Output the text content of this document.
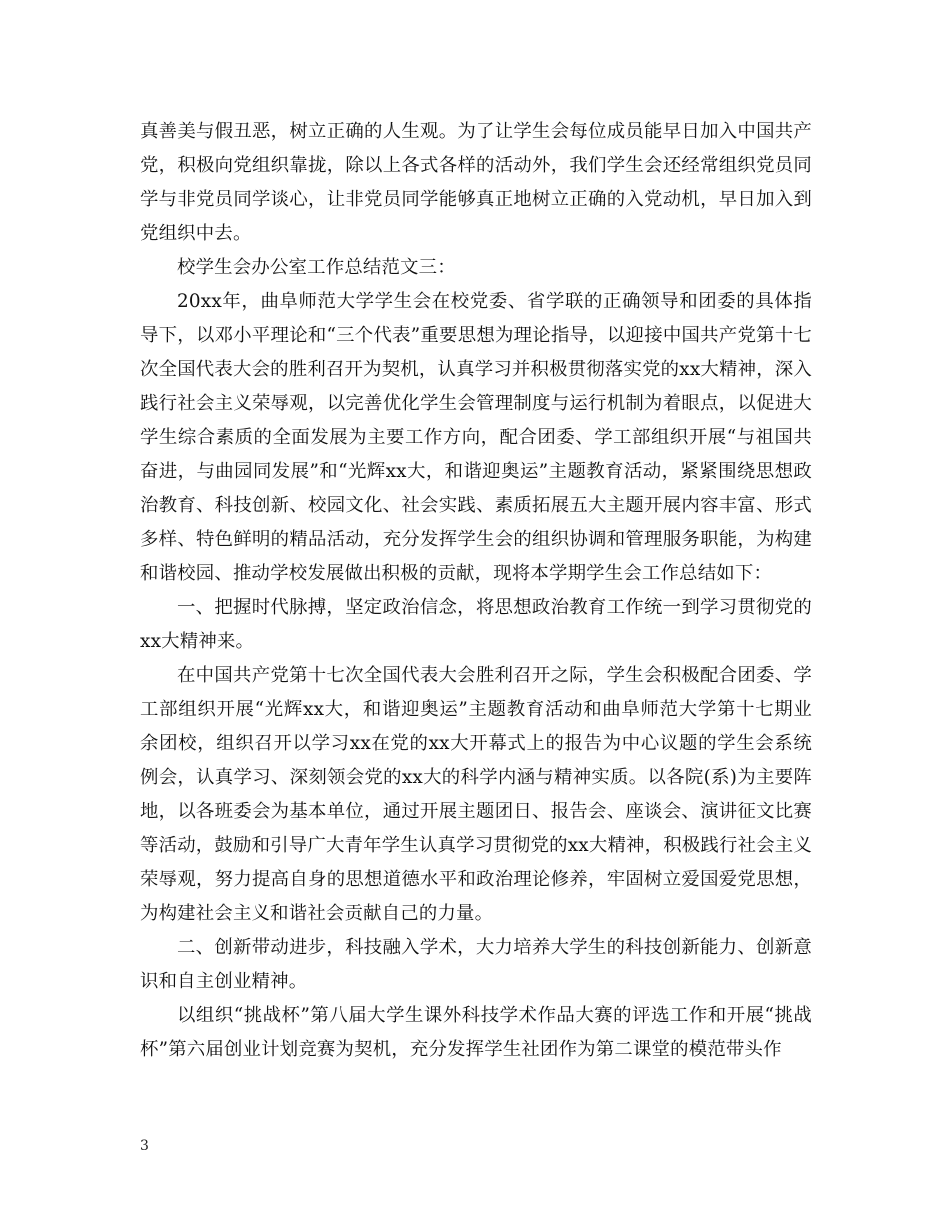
真善美与假丑恶，树立正确的人生观。为了让学生会每位成员能早日加入中国共产党，积极向党组织靠拢，除以上各式各样的活动外，我们学生会还经常组织党员同学与非党员同学谈心，让非党员同学能够真正地树立正确的入党动机，早日加入到党组织中去。

校学生会办公室工作总结范文三：

20xx年，曲阜师范大学学生会在校党委、省学联的正确领导和团委的具体指导下，以邓小平理论和“三个代表”重要思想为理论指导，以迎接中国共产党第十七次全国代表大会的胜利召开为契机，认真学习并积极贯彻落实党的xx大精神，深入践行社会主义荣辱观，以完善优化学生会管理制度与运行机制为着眼点，以促进大学生综合素质的全面发展为主要工作方向，配合团委、学工部组织开展“与祖国共奋进，与曲园同发展”和“光辉xx大，和谐迎奥运”主题教育活动，紧紧围绕思想政治教育、科技创新、校园文化、社会实践、素质拓展五大主题开展内容丰富、形式多样、特色鲜明的精品活动，充分发挥学生会的组织协调和管理服务职能，为构建和谐校园、推动学校发展做出积极的贡献，现将本学期学生会工作总结如下：

一、把握时代脉搏，坚定政治信念，将思想政治教育工作统一到学习贯彻党的xx大精神来。

在中国共产党第十七次全国代表大会胜利召开之际，学生会积极配合团委、学工部组织开展“光辉xx大，和谐迎奥运”主题教育活动和曲阜师范大学第十七期业余团校，组织召开以学习xx在党的xx大开幕式上的报告为中心议题的学生会系统例会，认真学习、深刻领会党的xx大的科学内涵与精神实质。以各院(系)为主要阵地，以各班委会为基本单位，通过开展主题团日、报告会、座谈会、演讲征文比赛等活动，鼓励和引导广大青年学生认真学习贯彻党的xx大精神，积极践行社会主义荣辱观，努力提高自身的思想道德水平和政治理论修养，牢固树立爱国爱党思想，为构建社会主义和谐社会贡献自己的力量。

二、创新带动进步，科技融入学术，大力培养大学生的科技创新能力、创新意识和自主创业精神。

以组织“挑战杯”第八届大学生课外科技学术作品大赛的评选工作和开展“挑战杯”第六届创业计划竞赛为契机，充分发挥学生社团作为第二课堂的模范带头作

3
